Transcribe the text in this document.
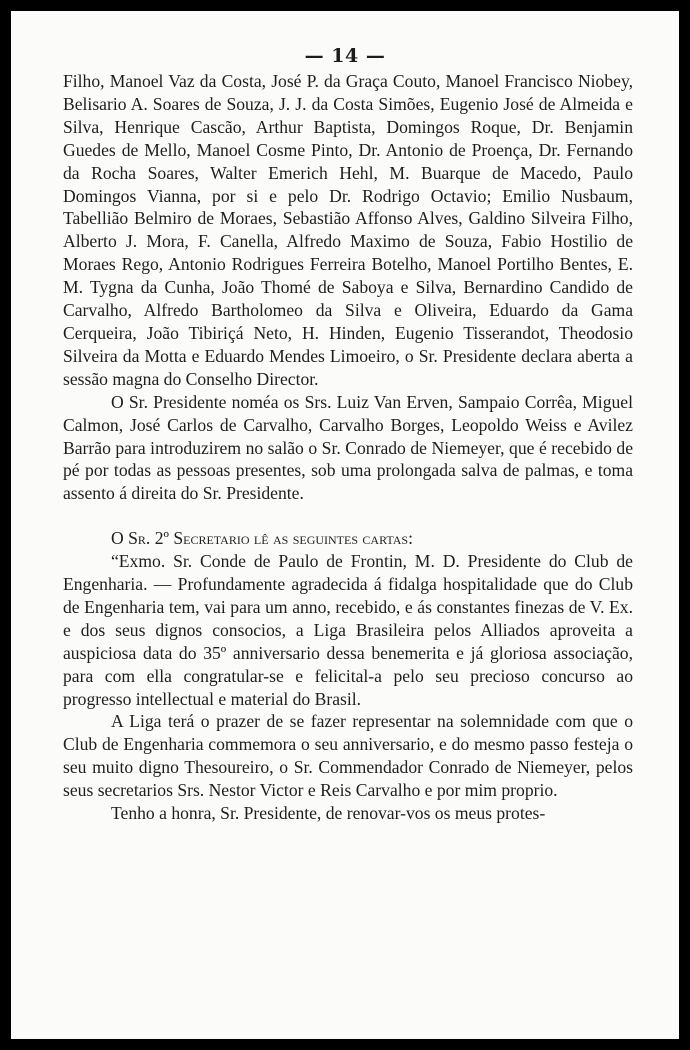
— 14 —

Filho, Manoel Vaz da Costa, José P. da Graça Couto, Manoel Francisco Niobey, Belisario A. Soares de Souza, J. J. da Costa Simões, Eugenio José de Almeida e Silva, Henrique Cascão, Arthur Baptista, Domingos Roque, Dr. Benjamin Guedes de Mello, Manoel Cosme Pinto, Dr. Antonio de Proença, Dr. Fernando da Rocha Soares, Walter Emerich Hehl, M. Buarque de Macedo, Paulo Domingos Vianna, por si e pelo Dr. Rodrigo Octavio; Emilio Nusbaum, Tabellião Belmiro de Moraes, Sebastião Affonso Alves, Galdino Silveira Filho, Alberto J. Mora, F. Canella, Alfredo Maximo de Souza, Fabio Hostilio de Moraes Rego, Antonio Rodrigues Ferreira Botelho, Manoel Portilho Bentes, E. M. Tygna da Cunha, João Thomé de Saboya e Silva, Bernardino Candido de Carvalho, Alfredo Bartholomeo da Silva e Oliveira, Eduardo da Gama Cerqueira, João Tibiriçá Neto, H. Hinden, Eugenio Tisserandot, Theodosio Silveira da Motta e Eduardo Mendes Limoeiro, o Sr. Presidente declara aberta a sessão magna do Conselho Director.

O Sr. Presidente noméa os Srs. Luiz Van Erven, Sampaio Corrêa, Miguel Calmon, José Carlos de Carvalho, Carvalho Borges, Leopoldo Weiss e Avilez Barrão para introduzirem no salão o Sr. Conrado de Niemeyer, que é recebido de pé por todas as pessoas presentes, sob uma prolongada salva de palmas, e toma assento á direita do Sr. Presidente.

O Sr. 2º Secretario lê as seguintes cartas:

“Exmo. Sr. Conde de Paulo de Frontin, M. D. Presidente do Club de Engenharia. — Profundamente agradecida á fidalga hospitalidade que do Club de Engenharia tem, vai para um anno, recebido, e ás constantes finezas de V. Ex. e dos seus dignos consocios, a Liga Brasileira pelos Alliados aproveita a auspiciosa data do 35º anniversario dessa benemerita e já gloriosa associação, para com ella congratular-se e felicital-a pelo seu precioso concurso ao progresso intellectual e material do Brasil.

A Liga terá o prazer de se fazer representar na solemnidade com que o Club de Engenharia commemora o seu anniversario, e do mesmo passo festeja o seu muito digno Thesoureiro, o Sr. Commendador Conrado de Niemeyer, pelos seus secretarios Srs. Nestor Victor e Reis Carvalho e por mim proprio.

Tenho a honra, Sr. Presidente, de renovar-vos os meus protes-
